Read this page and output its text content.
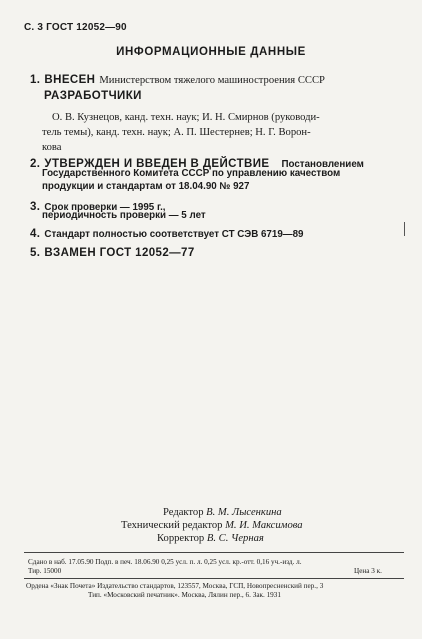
С. 3 ГОСТ 12052—90
ИНФОРМАЦИОННЫЕ ДАННЫЕ
1. ВНЕСЕН Министерством тяжелого машиностроения СССР
РАЗРАБОТЧИКИ
О. В. Кузнецов, канд. техн. наук; И. Н. Смирнов (руководи-
тель темы), канд. техн. наук; А. П. Шестернев; Н. Г. Ворон-
кова
2. УТВЕРЖДЕН И ВВЕДЕН В ДЕЙСТВИЕ Постановлением
Государственного Комитета СССР по управлению качеством
продукции и стандартам от 18.04.90 № 927
3. Срок проверки — 1995 г.,
периодичность проверки — 5 лет
4. Стандарт полностью соответствует СТ СЭВ 6719—89
5. ВЗАМЕН ГОСТ 12052—77
Редактор В. М. Лысенкина
Технический редактор М. И. Максимова
Корректор В. С. Черная
Сдано в наб. 17.05.90 Подп. в печ. 18.06.90 0,25 усл. п. л. 0,25 усл. кр.-отт. 0,16 уч.-изд. л.
Тир. 15000	Цена 3 к.
Ордена «Знак Почета» Издательство стандартов, 123557, Москва, ГСП, Новопресненский пер., 3
Тип. «Московский печатник». Москва, Лялин пер., 6. Зак. 1931
